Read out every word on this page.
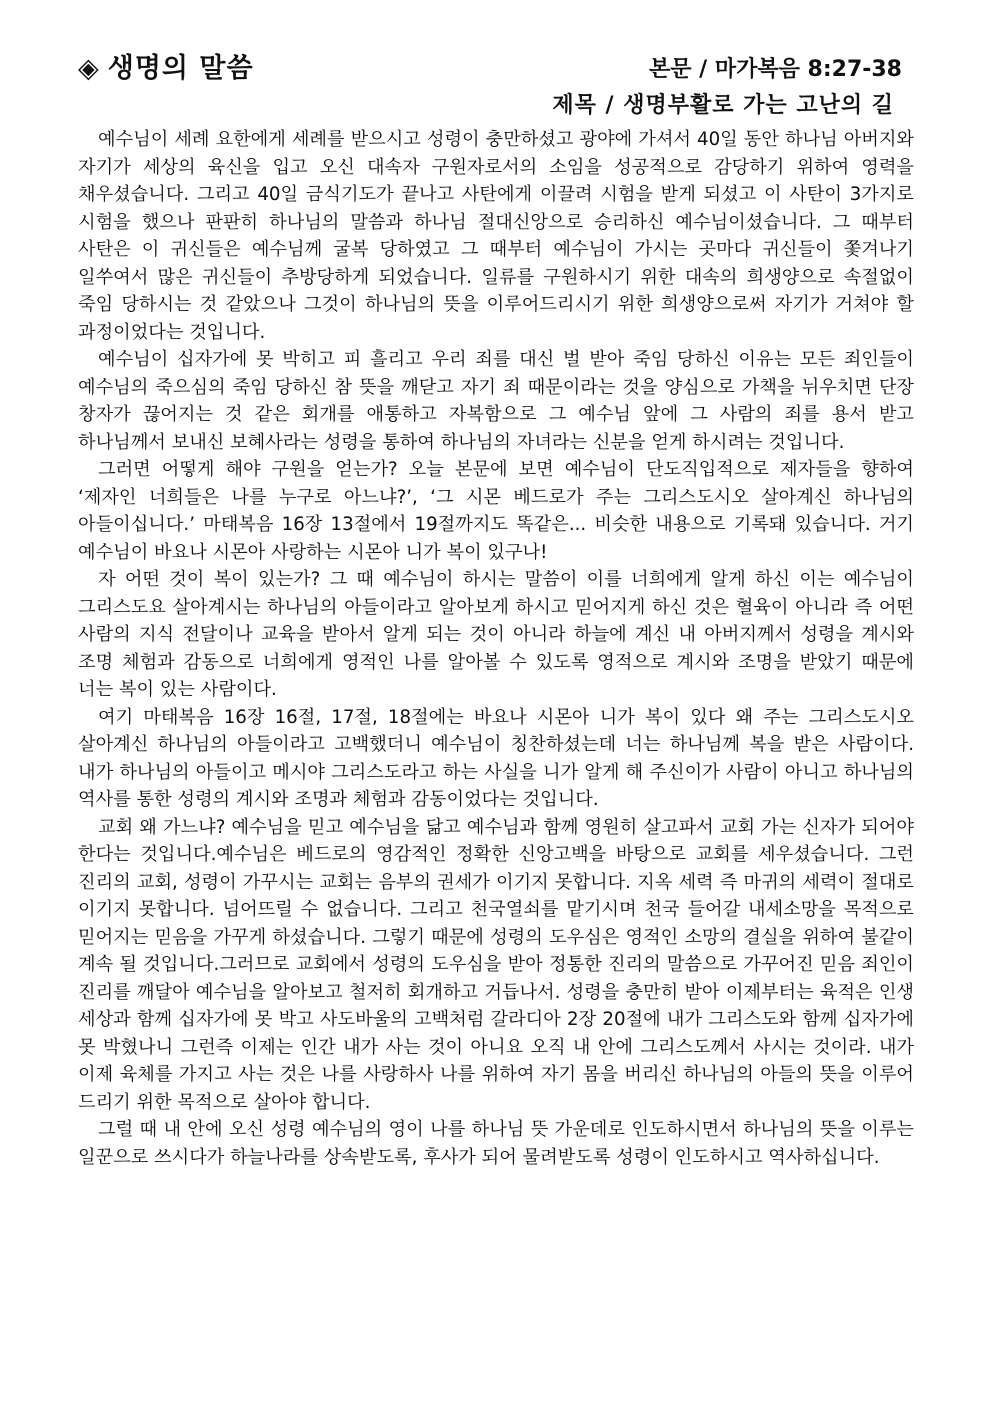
◈ 생명의 말씀	본문 / 마가복음 8:27-38
제목 / 생명부활로 가는 고난의 길

예수님이 세례 요한에게 세례를 받으시고 성령이 충만하셨고 광야에 가셔서 40일 동안 하나님 아버지와 자기가 세상의 육신을 입고 오신 대속자 구원자로서의 소임을 성공적으로 감당하기 위하여 영력을 채우셨습니다. 그리고 40일 금식기도가 끝나고 사탄에게 이끌려 시험을 받게 되셨고 이 사탄이 3가지로 시험을 했으나 판판히 하나님의 말씀과 하나님 절대신앙으로 승리하신 예수님이셨습니다. 그 때부터 사탄은 이 귀신들은 예수님께 굴복 당하였고 그 때부터 예수님이 가시는 곳마다 귀신들이 쫓겨나기 일쑤여서 많은 귀신들이 추방당하게 되었습니다. 일류를 구원하시기 위한 대속의 희생양으로 속절없이 죽임 당하시는 것 같았으나 그것이 하나님의 뜻을 이루어드리시기 위한 희생양으로써 자기가 거쳐야 할 과정이었다는 것입니다.

예수님이 십자가에 못 박히고 피 흘리고 우리 죄를 대신 벌 받아 죽임 당하신 이유는 모든 죄인들이 예수님의 죽으심의 죽임 당하신 참 뜻을 깨닫고 자기 죄 때문이라는 것을 양심으로 가책을 뉘우치면 단장 창자가 끊어지는 것 같은 회개를 애통하고 자복함으로 그 예수님 앞에 그 사람의 죄를 용서 받고 하나님께서 보내신 보혜사라는 성령을 통하여 하나님의 자녀라는 신분을 얻게 하시려는 것입니다.

그러면 어떻게 해야 구원을 얻는가? 오늘 본문에 보면 예수님이 단도직입적으로 제자들을 향하여 ‘제자인 너희들은 나를 누구로 아느냐?’, ‘그 시몬 베드로가 주는 그리스도시오 살아계신 하나님의 아들이십니다.’ 마태복음 16장 13절에서 19절까지도 똑같은... 비슷한 내용으로 기록돼 있습니다. 거기 예수님이 바요나 시몬아 사랑하는 시몬아 니가 복이 있구나!

자 어떤 것이 복이 있는가? 그 때 예수님이 하시는 말씀이 이를 너희에게 알게 하신 이는 예수님이 그리스도요 살아계시는 하나님의 아들이라고 알아보게 하시고 믿어지게 하신 것은 혈육이 아니라 즉 어떤 사람의 지식 전달이나 교육을 받아서 알게 되는 것이 아니라 하늘에 계신 내 아버지께서 성령을 계시와 조명 체험과 감동으로 너희에게 영적인 나를 알아볼 수 있도록 영적으로 계시와 조명을 받았기 때문에 너는 복이 있는 사람이다.

여기 마태복음 16장 16절, 17절, 18절에는 바요나 시몬아 니가 복이 있다 왜 주는 그리스도시오 살아계신 하나님의 아들이라고 고백했더니 예수님이 칭찬하셨는데 너는 하나님께 복을 받은 사람이다. 내가 하나님의 아들이고 메시야 그리스도라고 하는 사실을 니가 알게 해 주신이가 사람이 아니고 하나님의 역사를 통한 성령의 계시와 조명과 체험과 감동이었다는 것입니다.

교회 왜 가느냐? 예수님을 믿고 예수님을 닮고 예수님과 함께 영원히 살고파서 교회 가는 신자가 되어야 한다는 것입니다.예수님은 베드로의 영감적인 정확한 신앙고백을 바탕으로 교회를 세우셨습니다. 그런 진리의 교회, 성령이 가꾸시는 교회는 음부의 권세가 이기지 못합니다. 지옥 세력 즉 마귀의 세력이 절대로 이기지 못합니다. 넘어뜨릴 수 없습니다. 그리고 천국열쇠를 맡기시며 천국 들어갈 내세소망을 목적으로 믿어지는 믿음을 가꾸게 하셨습니다. 그렇기 때문에 성령의 도우심은 영적인 소망의 결실을 위하여 불같이 계속 될 것입니다.그러므로 교회에서 성령의 도우심을 받아 정통한 진리의 말씀으로 가꾸어진 믿음 죄인이 진리를 깨달아 예수님을 알아보고 철저히 회개하고 거듭나서. 성령을 충만히 받아 이제부터는 육적은 인생 세상과 함께 십자가에 못 박고 사도바울의 고백처럼 갈라디아 2장 20절에 내가 그리스도와 함께 십자가에 못 박혔나니 그런즉 이제는 인간 내가 사는 것이 아니요 오직 내 안에 그리스도께서 사시는 것이라. 내가 이제 육체를 가지고 사는 것은 나를 사랑하사 나를 위하여 자기 몸을 버리신 하나님의 아들의 뜻을 이루어 드리기 위한 목적으로 살아야 합니다.

그럴 때 내 안에 오신 성령 예수님의 영이 나를 하나님 뜻 가운데로 인도하시면서 하나님의 뜻을 이루는 일꾼으로 쓰시다가 하늘나라를 상속받도록, 후사가 되어 물려받도록 성령이 인도하시고 역사하십니다.
